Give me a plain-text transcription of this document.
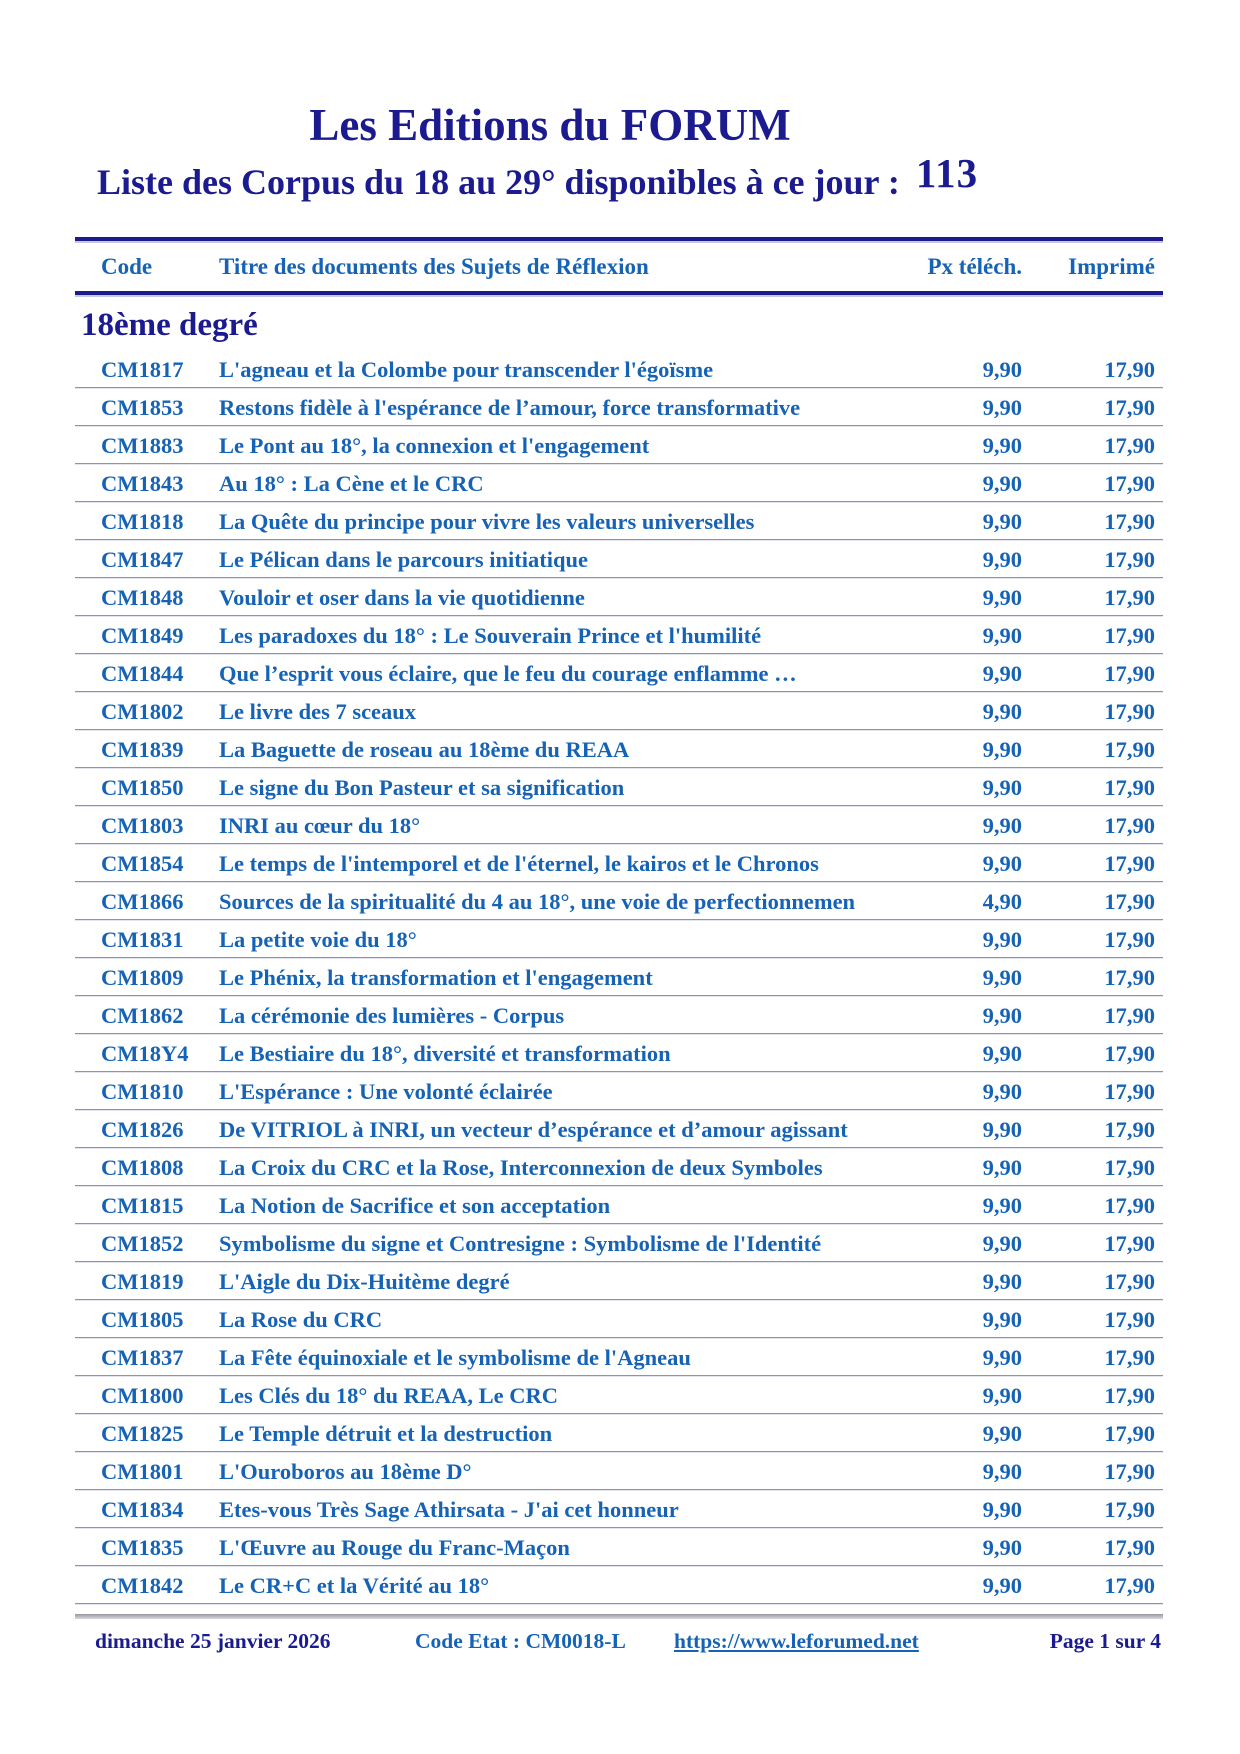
Les Editions du FORUM
Liste des Corpus du 18 au 29° disponibles à ce jour : 113
Code	Titre des documents des Sujets de Réflexion	Px téléch.	Imprimé
18ème degré
CM1817	L'agneau et la Colombe pour transcender l'égoïsme	9,90	17,90
CM1853	Restons fidèle à l'espérance de l’amour, force transformative	9,90	17,90
CM1883	Le Pont au 18°, la connexion et l'engagement	9,90	17,90
CM1843	Au 18° : La Cène et le CRC	9,90	17,90
CM1818	La Quête du principe pour vivre les valeurs universelles	9,90	17,90
CM1847	Le Pélican dans le parcours initiatique	9,90	17,90
CM1848	Vouloir et oser dans la vie quotidienne	9,90	17,90
CM1849	Les paradoxes du 18° : Le Souverain Prince et l'humilité	9,90	17,90
CM1844	Que l’esprit vous éclaire, que le feu du courage enflamme …	9,90	17,90
CM1802	Le livre des 7 sceaux	9,90	17,90
CM1839	La Baguette de roseau au 18ème du REAA	9,90	17,90
CM1850	Le signe du Bon Pasteur et sa signification	9,90	17,90
CM1803	INRI au cœur du 18°	9,90	17,90
CM1854	Le temps de l'intemporel et de l'éternel, le kairos et le Chronos	9,90	17,90
CM1866	Sources de la spiritualité du 4 au 18°, une voie de perfectionnemen	4,90	17,90
CM1831	La petite voie du 18°	9,90	17,90
CM1809	Le Phénix, la transformation et l'engagement	9,90	17,90
CM1862	La cérémonie des lumières - Corpus	9,90	17,90
CM18Y4	Le Bestiaire du 18°, diversité et transformation	9,90	17,90
CM1810	L'Espérance : Une volonté éclairée	9,90	17,90
CM1826	De VITRIOL à INRI, un vecteur d’espérance et d’amour agissant	9,90	17,90
CM1808	La Croix du CRC et la Rose, Interconnexion de deux Symboles	9,90	17,90
CM1815	La Notion de Sacrifice et son acceptation	9,90	17,90
CM1852	Symbolisme du signe et Contresigne : Symbolisme de l'Identité	9,90	17,90
CM1819	L'Aigle du Dix-Huitème degré	9,90	17,90
CM1805	La Rose du CRC	9,90	17,90
CM1837	La Fête équinoxiale et le symbolisme de l'Agneau	9,90	17,90
CM1800	Les Clés du 18° du REAA, Le CRC	9,90	17,90
CM1825	Le Temple détruit et la destruction	9,90	17,90
CM1801	L'Ouroboros au 18ème D°	9,90	17,90
CM1834	Etes-vous Très Sage Athirsata - J'ai cet honneur	9,90	17,90
CM1835	L'Œuvre au Rouge du Franc-Maçon	9,90	17,90
CM1842	Le CR+C et la Vérité au 18°	9,90	17,90
dimanche 25 janvier 2026	Code Etat : CM0018-L https://www.leforumed.net	Page 1 sur 4
